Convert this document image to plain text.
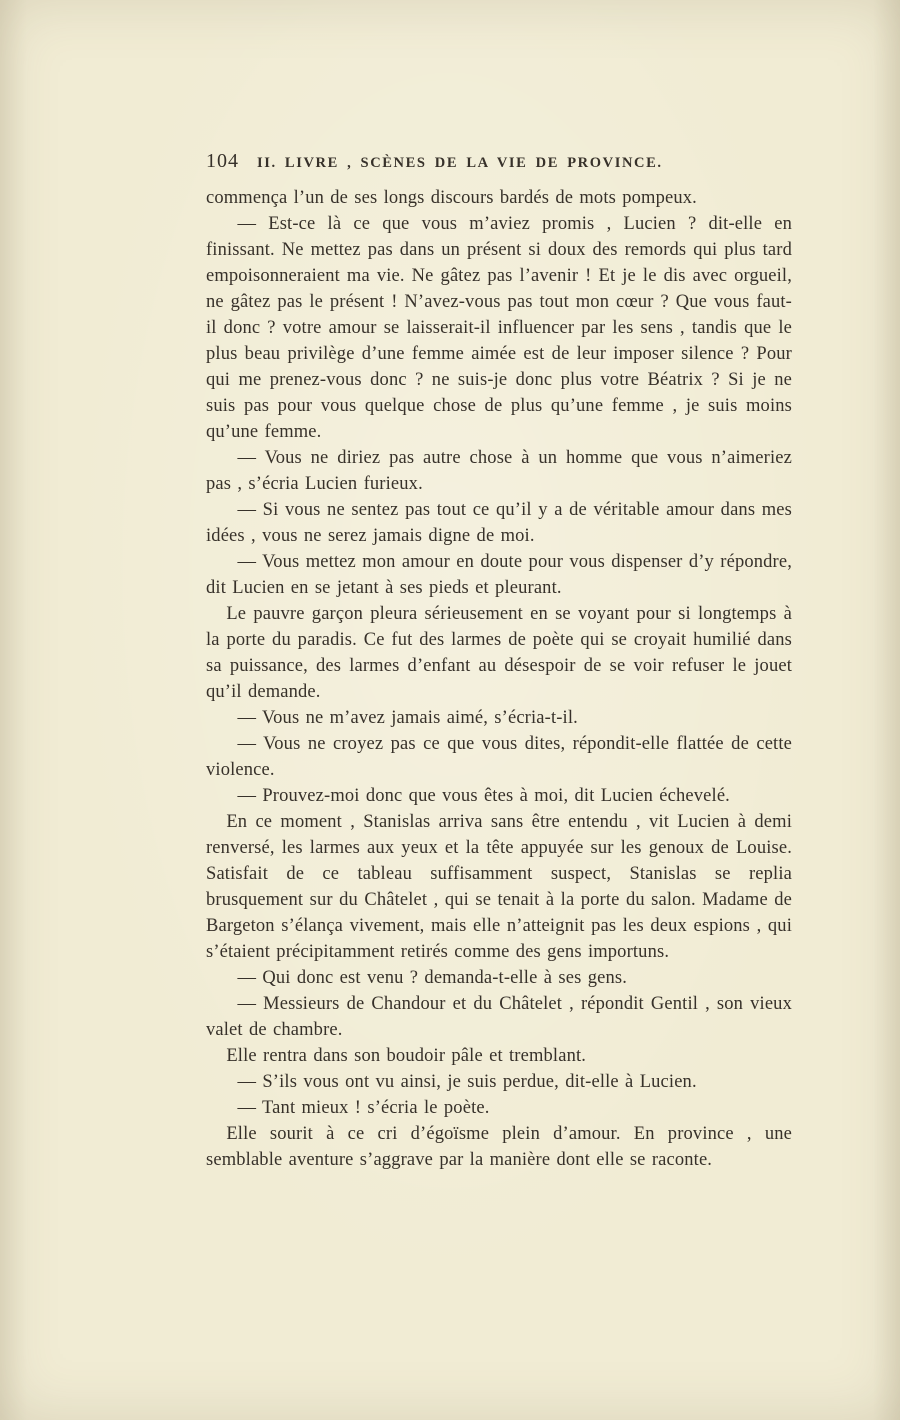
104 II. LIVRE , SCÈNES DE LA VIE DE PROVINCE.

commença l’un de ses longs discours bardés de mots pompeux.

— Est-ce là ce que vous m’aviez promis , Lucien ? dit-elle en finissant. Ne mettez pas dans un présent si doux des remords qui plus tard empoisonneraient ma vie. Ne gâtez pas l’avenir ! Et je le dis avec orgueil, ne gâtez pas le présent ! N’avez-vous pas tout mon cœur ? Que vous faut-il donc ? votre amour se laisserait-il influencer par les sens , tandis que le plus beau privilège d’une femme aimée est de leur imposer silence ? Pour qui me prenez-vous donc ? ne suis-je donc plus votre Béatrix ? Si je ne suis pas pour vous quelque chose de plus qu’une femme , je suis moins qu’une femme.

— Vous ne diriez pas autre chose à un homme que vous n’aimeriez pas , s’écria Lucien furieux.

— Si vous ne sentez pas tout ce qu’il y a de véritable amour dans mes idées , vous ne serez jamais digne de moi.

— Vous mettez mon amour en doute pour vous dispenser d’y répondre, dit Lucien en se jetant à ses pieds et pleurant.

Le pauvre garçon pleura sérieusement en se voyant pour si longtemps à la porte du paradis. Ce fut des larmes de poète qui se croyait humilié dans sa puissance, des larmes d’enfant au désespoir de se voir refuser le jouet qu’il demande.

— Vous ne m’avez jamais aimé, s’écria-t-il.

— Vous ne croyez pas ce que vous dites, répondit-elle flattée de cette violence.

— Prouvez-moi donc que vous êtes à moi, dit Lucien échevelé.

En ce moment , Stanislas arriva sans être entendu , vit Lucien à demi renversé, les larmes aux yeux et la tête appuyée sur les genoux de Louise. Satisfait de ce tableau suffisamment suspect, Stanislas se replia brusquement sur du Châtelet , qui se tenait à la porte du salon. Madame de Bargeton s’élança vivement, mais elle n’atteignit pas les deux espions , qui s’étaient précipitamment retirés comme des gens importuns.

— Qui donc est venu ? demanda-t-elle à ses gens.

— Messieurs de Chandour et du Châtelet , répondit Gentil , son vieux valet de chambre.

Elle rentra dans son boudoir pâle et tremblant.

— S’ils vous ont vu ainsi, je suis perdue, dit-elle à Lucien.

— Tant mieux ! s’écria le poète.

Elle sourit à ce cri d’égoïsme plein d’amour. En province , une semblable aventure s’aggrave par la manière dont elle se raconte.
